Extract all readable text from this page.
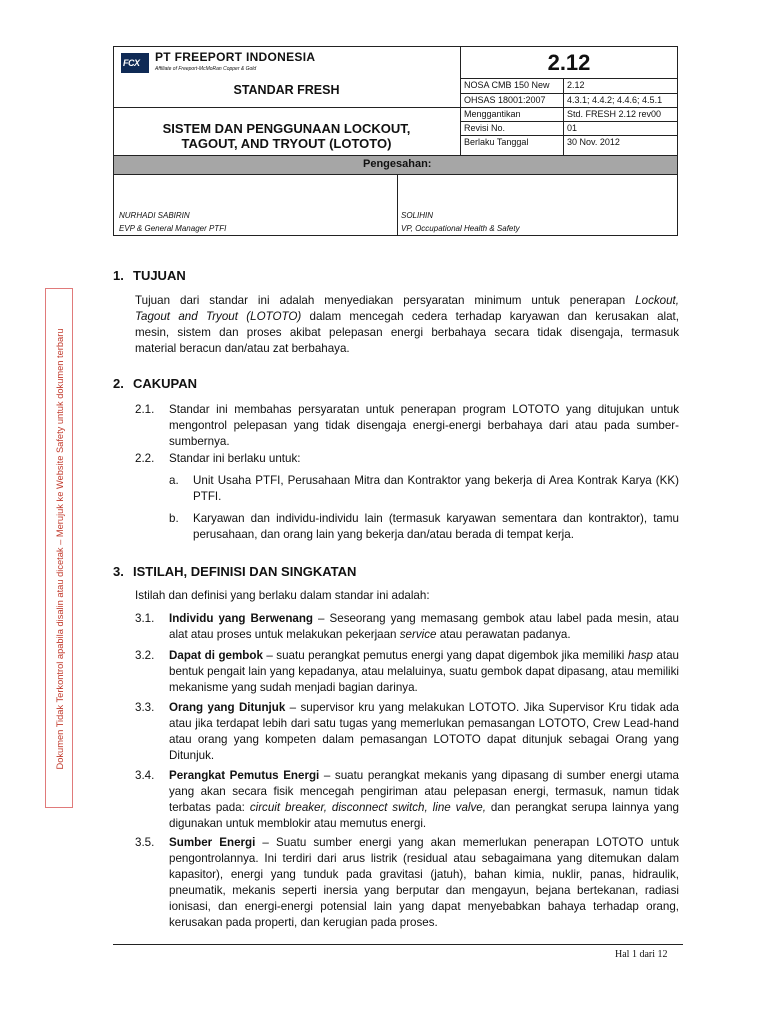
FCX PT FREEPORT INDONESIA
Affiliate of Freeport-McMoRan Copper & Gold
STANDAR FRESH
SISTEM DAN PENGGUNAAN LOCKOUT,
TAGOUT, AND TRYOUT (LOTOTO)
2.12
NOSA CMB 150 New 2.12
OHSAS 18001:2007 4.3.1; 4.4.2; 4.4.6; 4.5.1
Menggantikan	Std. FRESH 2.12 rev00
Revisi No.	01
Berlaku Tanggal	30 Nov. 2012
Pengesahan:
NURHADI SABIRIN
EVP & General Manager PTFI
SOLIHIN
VP, Occupational Health & Safety
Dokumen Tidak Terkontrol apabila disalin atau dicetak – Merujuk ke Website Safety untuk dokumen terbaru
1. TUJUAN
Tujuan dari standar ini adalah menyediakan persyaratan minimum untuk penerapan Lockout,
Tagout and Tryout (LOTOTO) dalam mencegah cedera terhadap karyawan dan kerusakan alat,
mesin, sistem dan proses akibat pelepasan energi berbahaya secara tidak disengaja, termasuk
material beracun dan/atau zat berbahaya.
2. CAKUPAN
2.1. Standar ini membahas persyaratan untuk penerapan program LOTOTO yang ditujukan untuk mengontrol pelepasan yang tidak disengaja energi-energi berbahaya dari atau pada sumber-sumbernya.
2.2. Standar ini berlaku untuk:
a. Unit Usaha PTFI, Perusahaan Mitra dan Kontraktor yang bekerja di Area Kontrak Karya (KK) PTFI.
b. Karyawan dan individu-individu lain (termasuk karyawan sementara dan kontraktor), tamu perusahaan, dan orang lain yang bekerja dan/atau berada di tempat kerja.
3. ISTILAH, DEFINISI DAN SINGKATAN
Istilah dan definisi yang berlaku dalam standar ini adalah:
3.1. Individu yang Berwenang – Seseorang yang memasang gembok atau label pada mesin, atau alat atau proses untuk melakukan pekerjaan service atau perawatan padanya.
3.2. Dapat di gembok – suatu perangkat pemutus energi yang dapat digembok jika memiliki hasp atau bentuk pengait lain yang kepadanya, atau melaluinya, suatu gembok dapat dipasang, atau memiliki mekanisme yang sudah menjadi bagian darinya.
3.3. Orang yang Ditunjuk – supervisor kru yang melakukan LOTOTO. Jika Supervisor Kru tidak ada atau jika terdapat lebih dari satu tugas yang memerlukan pemasangan LOTOTO, Crew Lead-hand atau orang yang kompeten dalam pemasangan LOTOTO dapat ditunjuk sebagai Orang yang Ditunjuk.
3.4. Perangkat Pemutus Energi – suatu perangkat mekanis yang dipasang di sumber energi utama yang akan secara fisik mencegah pengiriman atau pelepasan energi, termasuk, namun tidak terbatas pada: circuit breaker, disconnect switch, line valve, dan perangkat serupa lainnya yang digunakan untuk memblokir atau memutus energi.
3.5. Sumber Energi – Suatu sumber energi yang akan memerlukan penerapan LOTOTO untuk pengontrolannya. Ini terdiri dari arus listrik (residual atau sebagaimana yang ditemukan dalam kapasitor), energi yang tunduk pada gravitasi (jatuh), bahan kimia, nuklir, panas, hidraulik, pneumatik, mekanis seperti inersia yang berputar dan mengayun, bejana bertekanan, radiasi ionisasi, dan energi-energi potensial lain yang dapat menyebabkan bahaya terhadap orang, kerusakan pada properti, dan kerugian pada proses.
Hal 1 dari 12
